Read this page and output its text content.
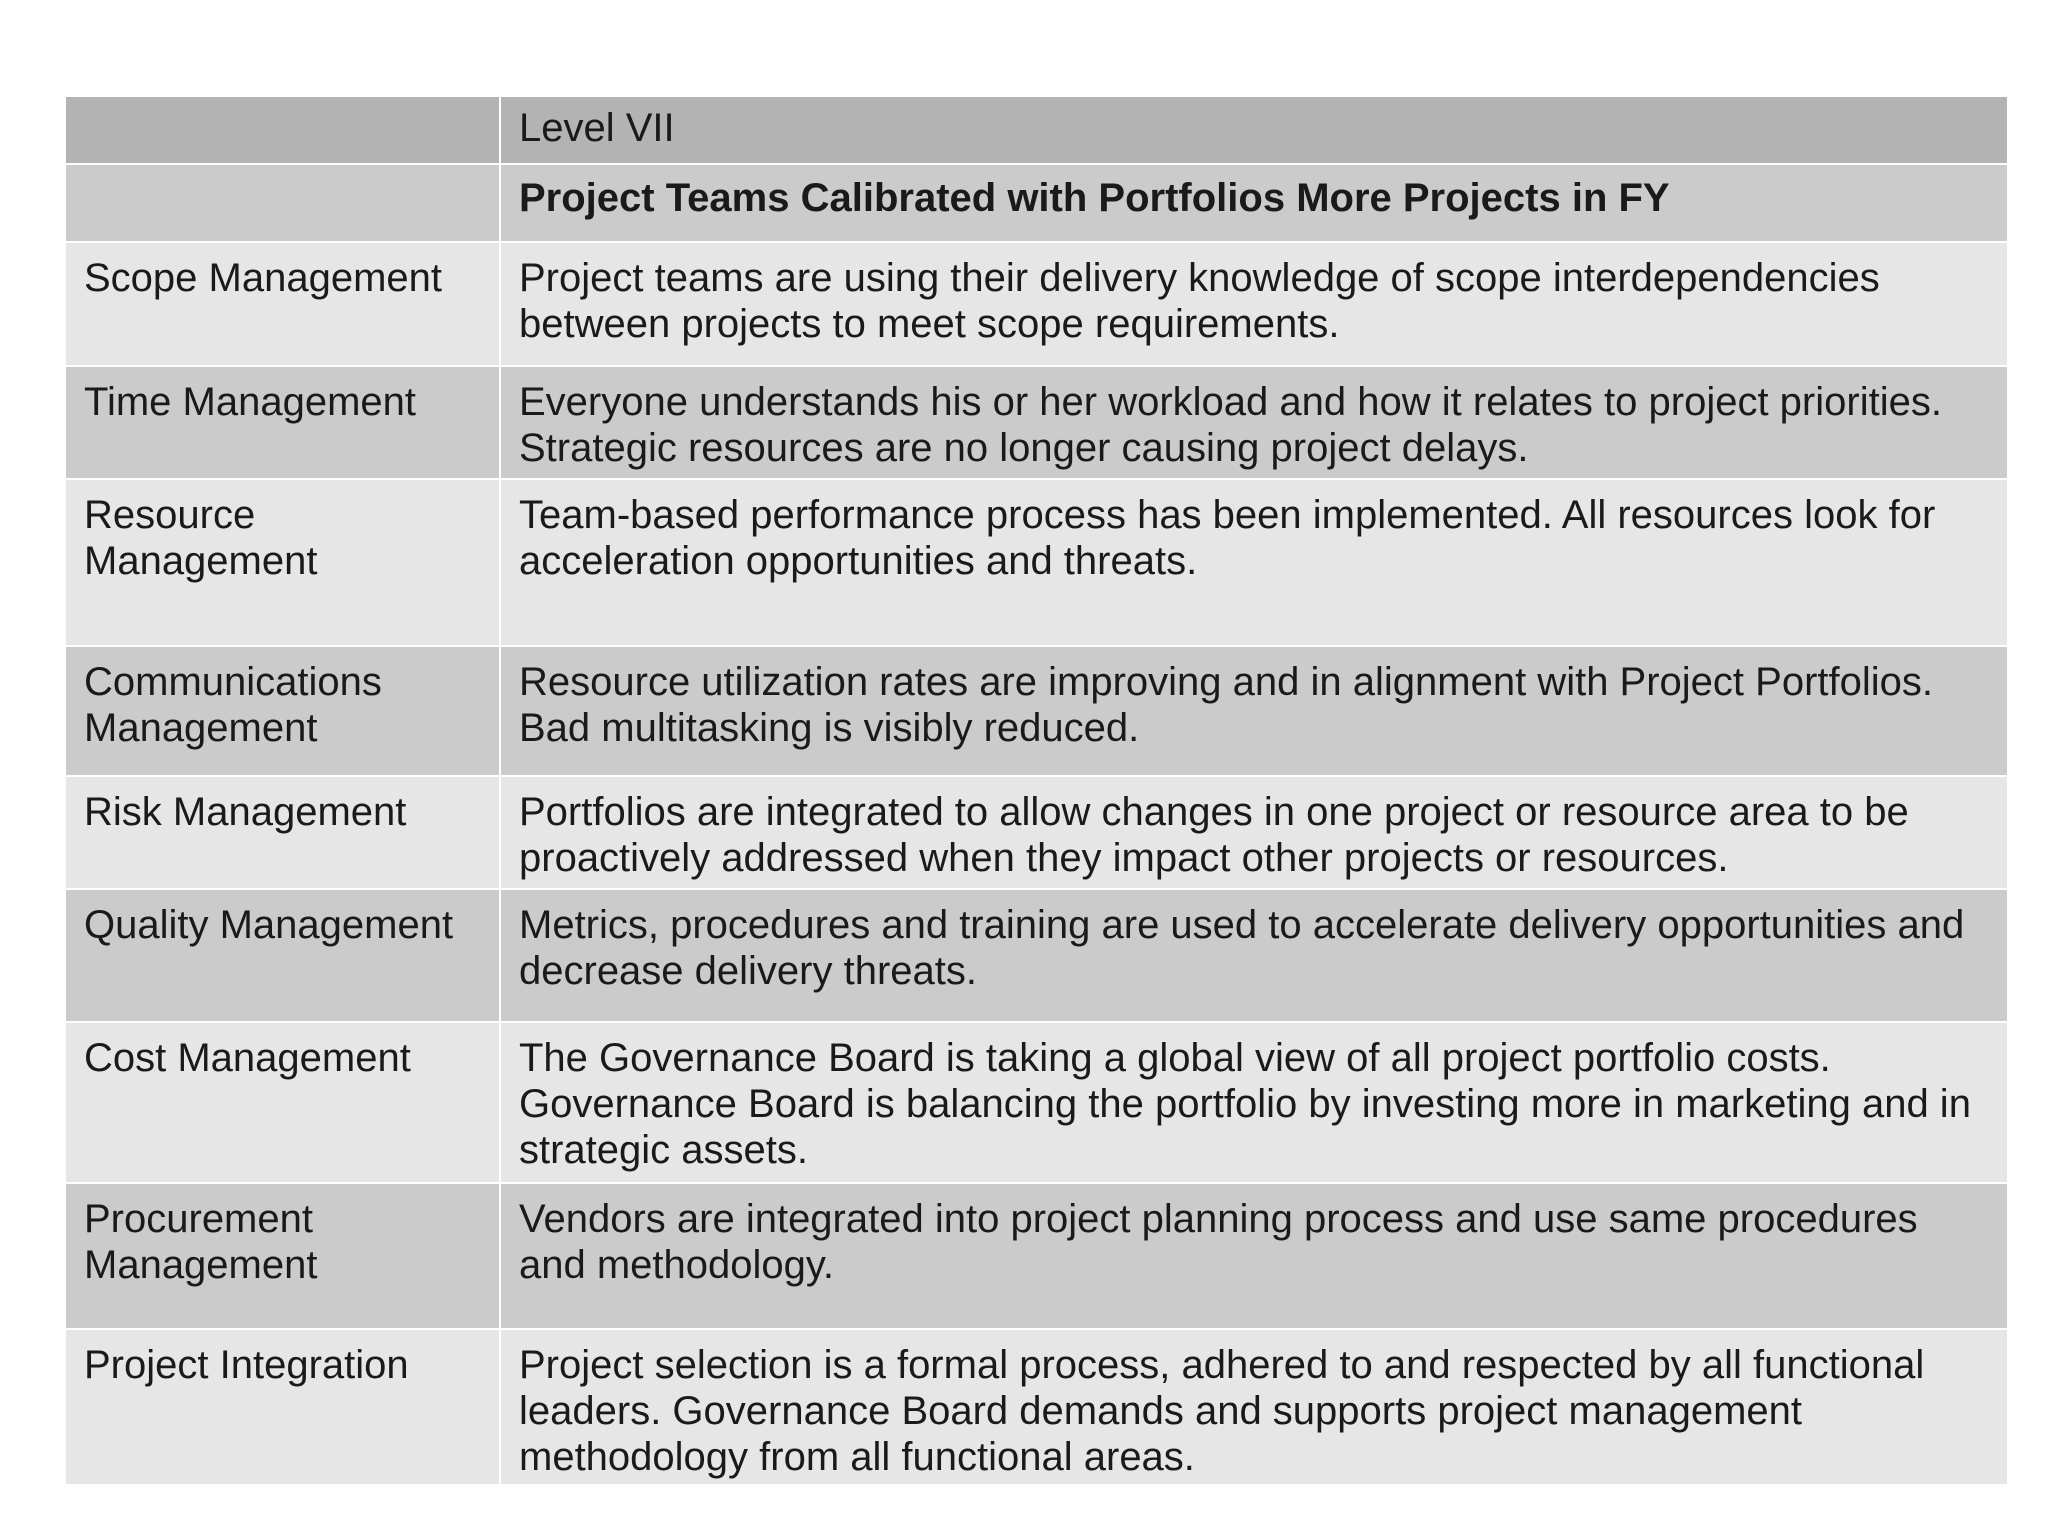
	Level VII
	Project Teams Calibrated with Portfolios More Projects in FY
Scope Management	Project teams are using their delivery knowledge of scope interdependencies between projects to meet scope requirements.
Time Management	Everyone understands his or her workload and how it relates to project priorities. Strategic resources are no longer causing project delays.
Resource Management	Team-based performance process has been implemented. All resources look for acceleration opportunities and threats.
Communications Management	Resource utilization rates are improving and in alignment with Project Portfolios. Bad multitasking is visibly reduced.
Risk Management	Portfolios are integrated to allow changes in one project or resource area to be proactively addressed when they impact other projects or resources.
Quality Management	Metrics, procedures and training are used to accelerate delivery opportunities and decrease delivery threats.
Cost Management	The Governance Board is taking a global view of all project portfolio costs. Governance Board is balancing the portfolio by investing more in marketing and in strategic assets.
Procurement Management	Vendors are integrated into project planning process and use same procedures and methodology.
Project Integration	Project selection is a formal process, adhered to and respected by all functional leaders. Governance Board demands and supports project management methodology from all functional areas.
